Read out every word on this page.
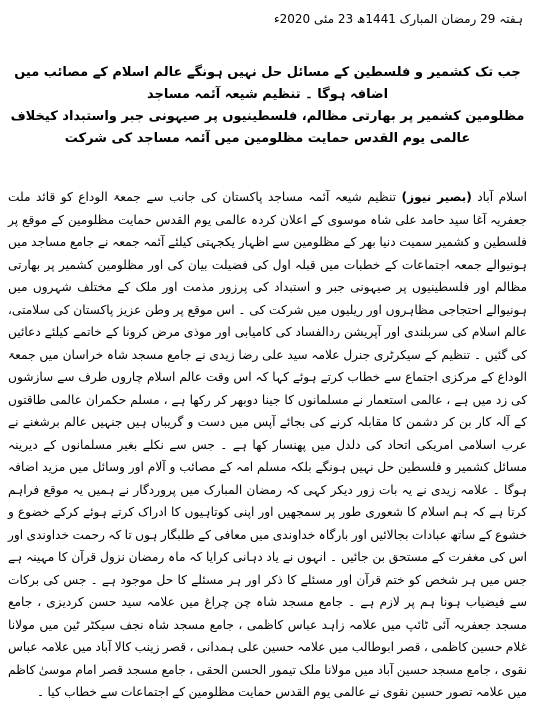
ہفتہ 29 رمضان المبارک 1441ھ 23 مئی 2020ء
جب تک کشمیر و فلسطین کے مسائل حل نہیں ہونگے عالم اسلام کے مصائب میں اضافہ ہوگا ۔ تنظیم شیعہ آئمہ مساجد
مظلومین کشمیر پر بھارتی مظالم، فلسطینیوں پر صیہونی جبر واستبداد کیخلاف عالمی یوم القدس حمایت مظلومین میں آئمہ مساجد کی شرکت

اسلام آباد (بصیر نیوز) تنظیم شیعہ آئمہ مساجد پاکستان کی جانب سے جمعۃ الوداع کو قائد ملت جعفریہ آغا سید حامد علی شاہ موسوی کے اعلان کردہ عالمی یوم القدس حمایت مظلومین کے موقع پر فلسطین و کشمیر سمیت دنیا بھر کے مظلومین سے اظہار یکجہتی کیلئے آئمہ جمعہ نے جامع مساجد میں ہونیوالے جمعہ اجتماعات کے خطبات میں قبلہ اول کی فضیلت بیان کی اور مظلومین کشمیر پر بھارتی مظالم اور فلسطینیوں پر صیہونی جبر و استبداد کی پرزور مذمت اور ملک کے مختلف شہروں میں ہونیوالے احتجاجی مظاہروں اور ریلیوں میں شرکت کی ۔ اس موقع پر وطن عزیز پاکستان کی سلامتی، عالم اسلام کی سربلندی اور آپریشن ردالفساد کی کامیابی اور موذی مرض کرونا کے خاتمے کیلئے دعائیں کی گئیں ۔ تنظیم کے سیکرٹری جنرل علامہ سید علی رضا زیدی نے جامع مسجد شاہ خراسان میں جمعۃ الوداع کے مرکزی اجتماع سے خطاب کرتے ہوئے کہا کہ اس وقت عالم اسلام چاروں طرف سے سازشوں کی زد میں ہے ، عالمی استعمار نے مسلمانوں کا جینا دوبھر کر رکھا ہے ، مسلم حکمران عالمی طاقتوں کے آلہ کار بن کر دشمن کا مقابلہ کرنے کی بجائے آپس میں دست و گریباں ہیں جنہیں عالم برشغنے نے عرب اسلامی امریکی اتحاد کی دلدل میں پھنسار کھا ہے ۔ جس سے نکلے بغیر مسلمانوں کے دیرینہ مسائل کشمیر و فلسطین حل نہیں ہونگے بلکہ مسلم امہ کے مصائب و آلام اور وسائل میں مزید اضافہ ہوگا ۔ علامہ زیدی نے یہ بات زور دیکر کہی کہ رمضان المبارک میں پروردگار نے ہمیں یہ موقع فراہم کرتا ہے کہ ہم اسلام کا شعوری طور پر سمجھیں اور اپنی کوتاہیوں کا ادراک کرتے ہوئے کرکے خضوع و خشوع کے ساتھ عبادات بجالائیں اور بارگاہ خداوندی میں معافی کے طلبگار ہوں تا کہ رحمت خداوندی اور اس کی مغفرت کے مستحق بن جائیں ۔ انہوں نے یاد دہانی کرایا کہ ماہ رمضان نزول قرآن کا مہینہ ہے جس میں ہر شخص کو ختم قرآن اور مسئلے کا ذکر اور ہر مسئلے کا حل موجود ہے ۔ جس کی برکات سے فیضیاب ہونا ہم پر لازم ہے ۔ جامع مسجد شاہ چن چراغ میں علامہ سید حسن کردیزی ، جامع مسجد جعفریہ آئی ٹائپ میں علامہ زاہد عباس کاظمی ، جامع مسجد شاہ نجف سیکٹر ٹین میں مولانا غلام حسین کاظمی ، قصر ابوطالب میں علامہ حسین علی ہمدانی ، قصر زینب کالا آباد میں علامہ عباس نقوی ، جامع مسجد حسین آباد میں مولانا ملک تیمور الحسن الحقی ، جامع مسجد قصر امام موسیٰ کاظم میں علامہ تصور حسین نقوی نے عالمی یوم القدس حمایت مظلومین کے اجتماعات سے خطاب کیا ۔
